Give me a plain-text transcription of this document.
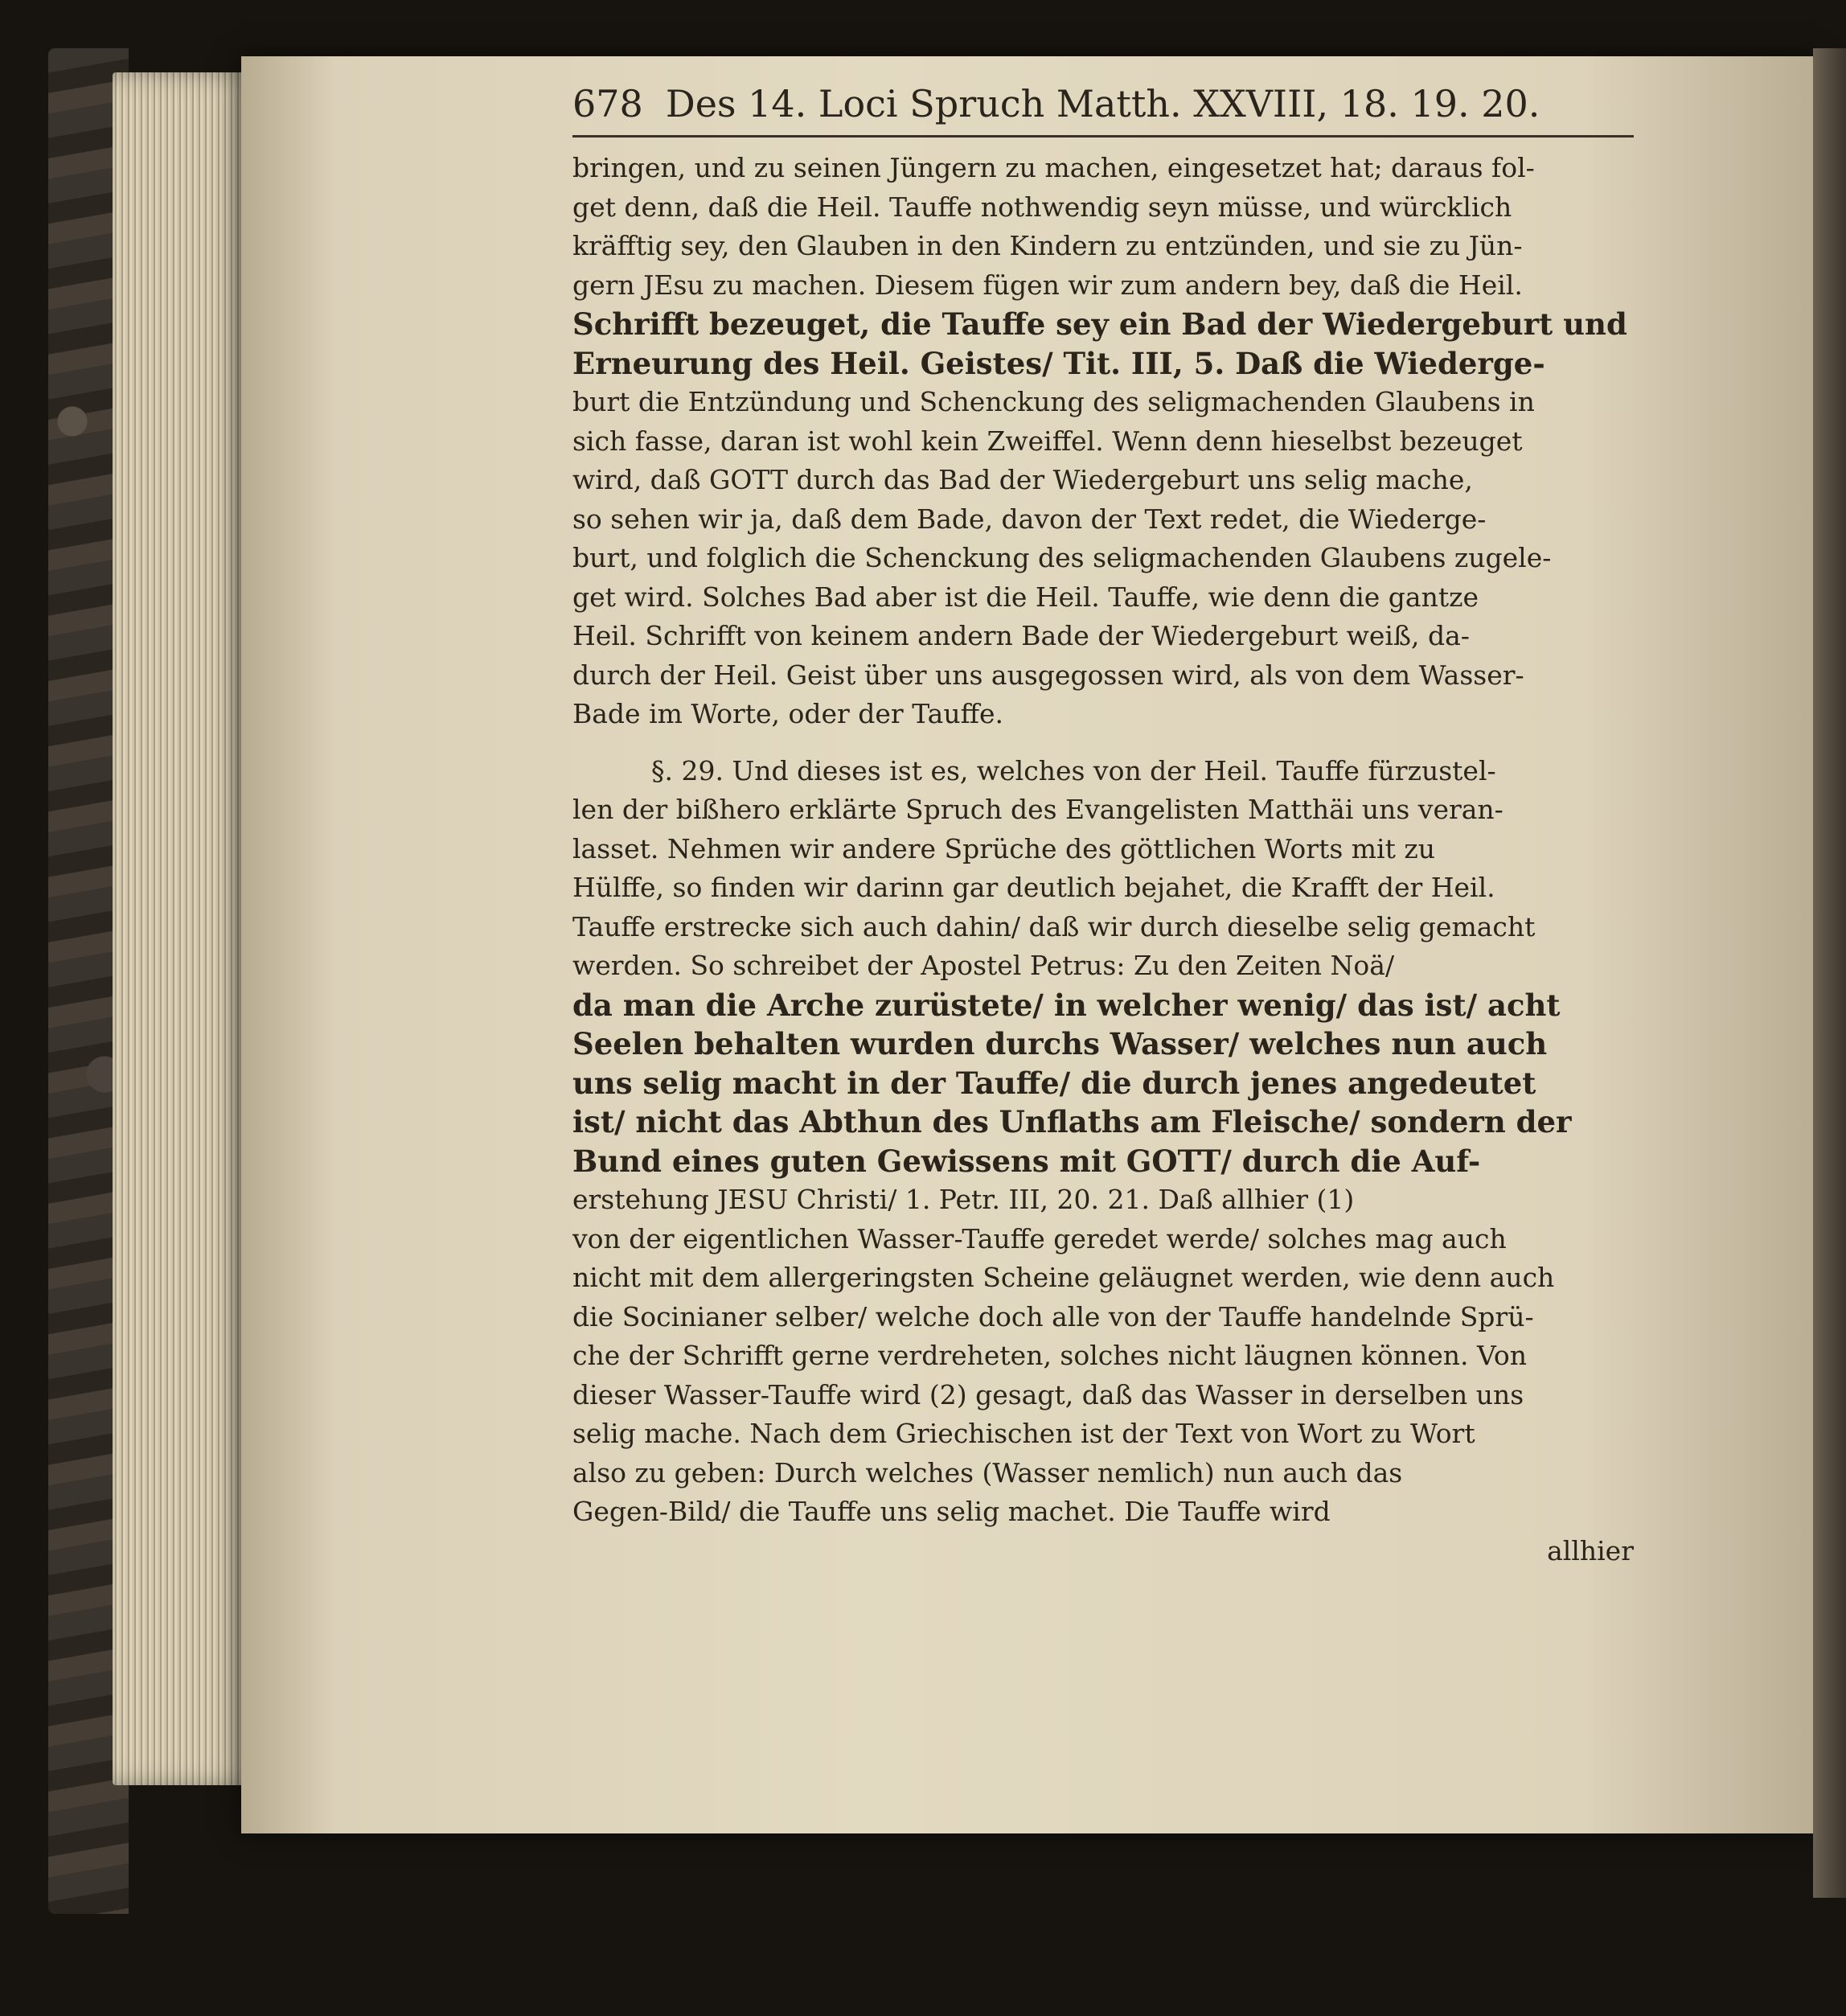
678 Des 14. Loci Spruch Matth. XXVIII, 18. 19. 20.
bringen, und zu seinen Jüngern zu machen, eingesetzet hat; daraus fol-
get denn, daß die Heil. Tauffe nothwendig seyn müsse, und würcklich
kräfftig sey, den Glauben in den Kindern zu entzünden, und sie zu Jün-
gern JEsu zu machen. Diesem fügen wir zum andern bey, daß die Heil.
Schrifft bezeuget, die Tauffe sey ein Bad der Wiedergeburt und
Erneurung des Heil. Geistes/ Tit. III, 5. Daß die Wiederge-
burt die Entzündung und Schenckung des seligmachenden Glaubens in
sich fasse, daran ist wohl kein Zweiffel. Wenn denn hieselbst bezeuget
wird, daß GOTT durch das Bad der Wiedergeburt uns selig mache,
so sehen wir ja, daß dem Bade, davon der Text redet, die Wiederge-
burt, und folglich die Schenckung des seligmachenden Glaubens zugele-
get wird. Solches Bad aber ist die Heil. Tauffe, wie denn die gantze
Heil. Schrifft von keinem andern Bade der Wiedergeburt weiß, da-
durch der Heil. Geist über uns ausgegossen wird, als von dem Wasser-
Bade im Worte, oder der Tauffe.
§. 29. Und dieses ist es, welches von der Heil. Tauffe fürzustel-
len der bißhero erklärte Spruch des Evangelisten Matthäi uns veran-
lasset. Nehmen wir andere Sprüche des göttlichen Worts mit zu
Hülffe, so finden wir darinn gar deutlich bejahet, die Krafft der Heil.
Tauffe erstrecke sich auch dahin/ daß wir durch dieselbe selig gemacht
werden. So schreibet der Apostel Petrus: Zu den Zeiten Noä/
da man die Arche zurüstete/ in welcher wenig/ das ist/ acht
Seelen behalten wurden durchs Wasser/ welches nun auch
uns selig macht in der Tauffe/ die durch jenes angedeutet
ist/ nicht das Abthun des Unflaths am Fleische/ sondern der
Bund eines guten Gewissens mit GOTT/ durch die Auf-
erstehung JESU Christi/ 1. Petr. III, 20. 21. Daß allhier (1)
von der eigentlichen Wasser-Tauffe geredet werde/ solches mag auch
nicht mit dem allergeringsten Scheine geläugnet werden, wie denn auch
die Socinianer selber/ welche doch alle von der Tauffe handelnde Sprü-
che der Schrifft gerne verdreheten, solches nicht läugnen können. Von
dieser Wasser-Tauffe wird (2) gesagt, daß das Wasser in derselben uns
selig mache. Nach dem Griechischen ist der Text von Wort zu Wort
also zu geben: Durch welches (Wasser nemlich) nun auch das
Gegen-Bild/ die Tauffe uns selig machet. Die Tauffe wird
allhier
